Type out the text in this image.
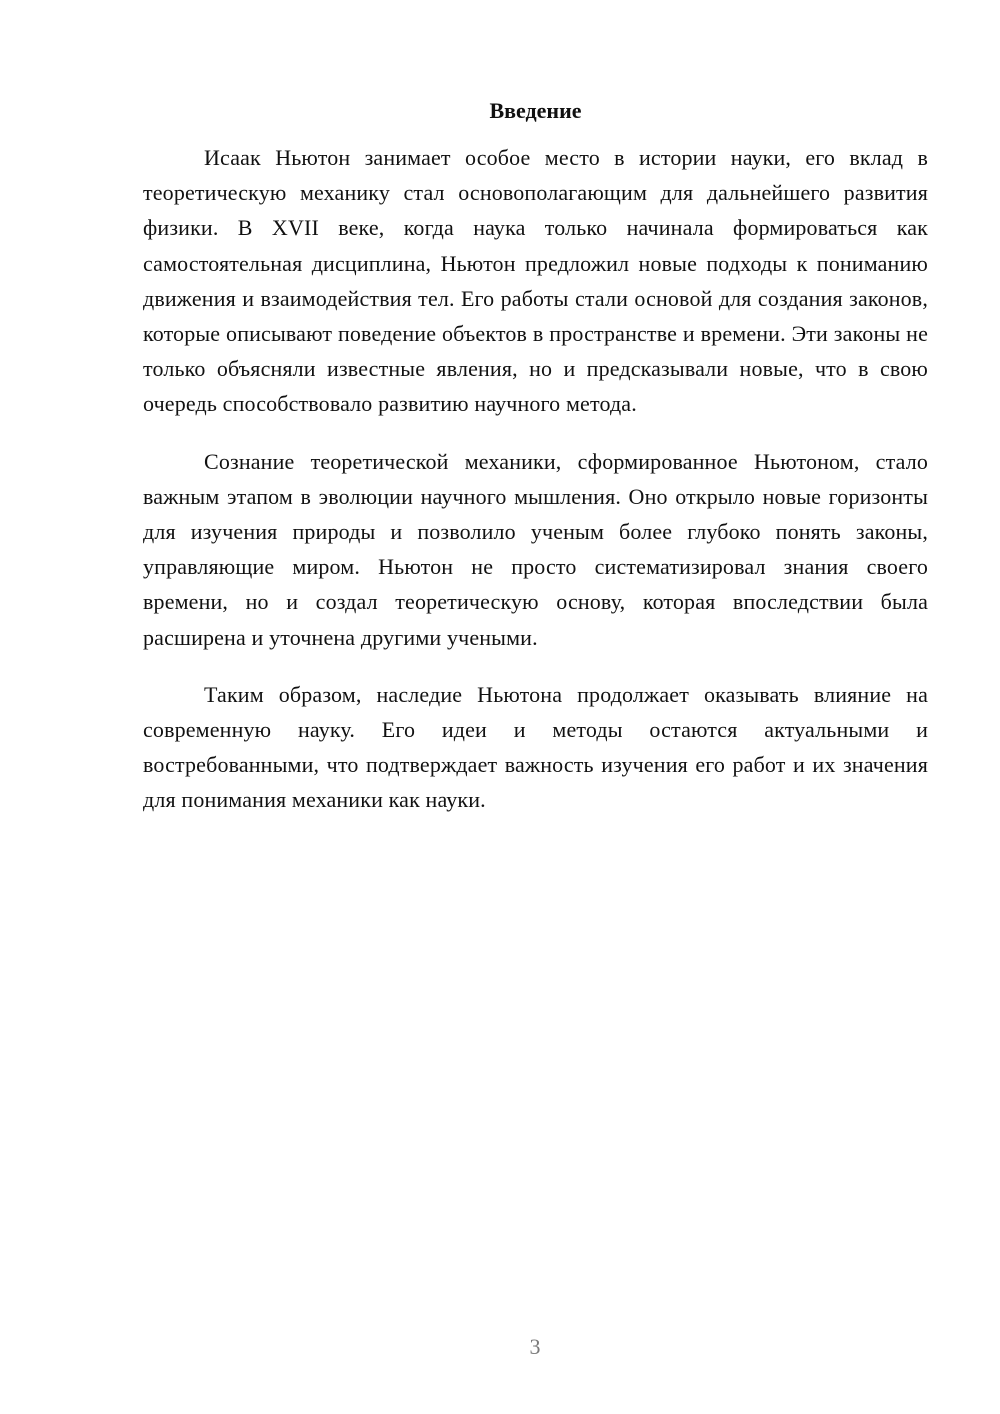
Введение

Исаак Ньютон занимает особое место в истории науки, его вклад в теоретическую механику стал основополагающим для дальнейшего развития физики. В XVII веке, когда наука только начинала формироваться как самостоятельная дисциплина, Ньютон предложил новые подходы к пониманию движения и взаимодействия тел. Его работы стали основой для создания законов, которые описывают поведение объектов в пространстве и времени. Эти законы не только объясняли известные явления, но и предсказывали новые, что в свою очередь способствовало развитию научного метода.

Сознание теоретической механики, сформированное Ньютоном, стало важным этапом в эволюции научного мышления. Оно открыло новые горизонты для изучения природы и позволило ученым более глубоко понять законы, управляющие миром. Ньютон не просто систематизировал знания своего времени, но и создал теоретическую основу, которая впоследствии была расширена и уточнена другими учеными.

Таким образом, наследие Ньютона продолжает оказывать влияние на современную науку. Его идеи и методы остаются актуальными и востребованными, что подтверждает важность изучения его работ и их значения для понимания механики как науки.

3
